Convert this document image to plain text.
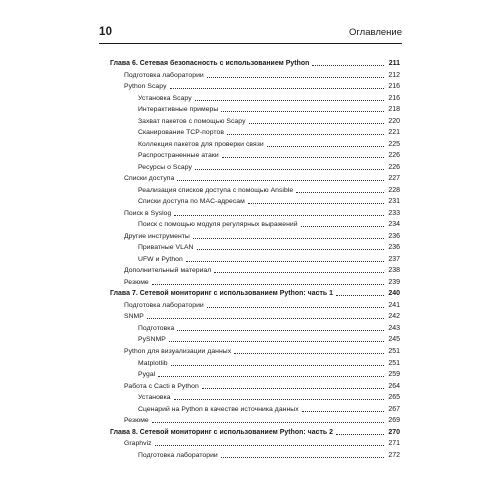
10	Оглавление
Глава 6. Сетевая безопасность с использованием Python	211
Подготовка лаборатории	212
Python Scapy	216
Установка Scapy	216
Интерактивные примеры	218
Захват пакетов с помощью Scapy	220
Сканирование TCP-портов	221
Коллекция пакетов для проверки связи	225
Распространенные атаки	226
Ресурсы о Scapy	226
Списки доступа	227
Реализация списков доступа с помощью Ansible	228
Списки доступа по MAC-адресам	231
Поиск в Syslog	233
Поиск с помощью модуля регулярных выражений	234
Другие инструменты	236
Приватные VLAN	236
UFW и Python	237
Дополнительный материал	238
Резюме	239
Глава 7. Сетевой мониторинг с использованием Python: часть 1	240
Подготовка лаборатории	241
SNMP	242
Подготовка	243
PySNMP	245
Python для визуализации данных	251
Matplotlib	251
Pygal	259
Работа с Cacti в Python	264
Установка	265
Сценарий на Python в качестве источника данных	267
Резюме	269
Глава 8. Сетевой мониторинг с использованием Python: часть 2	270
Graphviz	271
Подготовка лаборатории	272
